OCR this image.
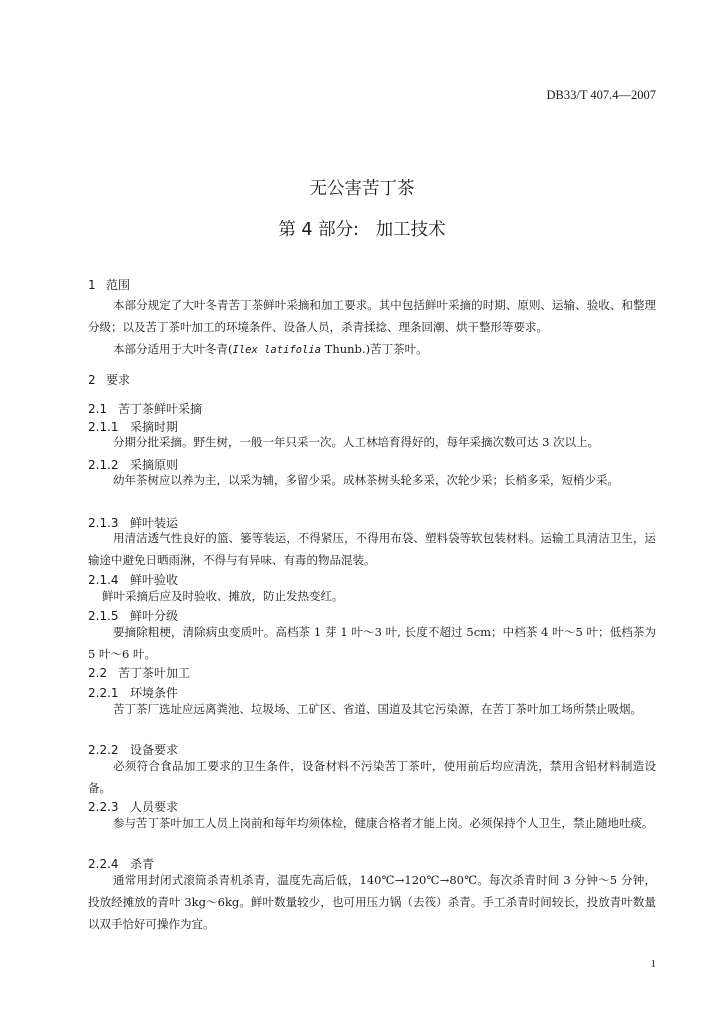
DB33/T 407.4—2007
无公害苦丁茶
第 4 部分:   加工技术
1 范围

本部分规定了大叶冬青苦丁茶鲜叶采摘和加工要求。其中包括鲜叶采摘的时期、原则、运输、验收、和整理分级；以及苦丁茶叶加工的环境条件、设备人员，杀青揉捻、理条回潮、烘干整形等要求。

本部分适用于大叶冬青(Ilex latifolia Thunb.)苦丁茶叶。

2 要求
2.1 苦丁茶鲜叶采摘
2.1.1 采摘时期

分期分批采摘。野生树，一般一年只采一次。人工林培育得好的，每年采摘次数可达 3 次以上。

2.1.2 采摘原则

幼年茶树应以养为主，以采为辅，多留少采。成林茶树头轮多采，次轮少采；长梢多采，短梢少采。

2.1.3 鲜叶装运

用清洁透气性良好的篮、篓等装运，不得紧压，不得用布袋、塑料袋等软包装材料。运输工具清洁卫生，运输途中避免日晒雨淋，不得与有异味、有毒的物品混装。

2.1.4 鲜叶验收

鲜叶采摘后应及时验收、摊放，防止发热变红。

2.1.5 鲜叶分级

要摘除粗梗，清除病虫变质叶。高档茶 1 芽 1 叶～3 叶, 长度不超过 5cm；中档茶 4 叶～5 叶；低档茶为 5 叶～6 叶。

2.2 苦丁茶叶加工
2.2.1 环境条件

苦丁茶厂选址应远离粪池、垃圾场、工矿区、省道、国道及其它污染源，在苦丁茶叶加工场所禁止吸烟。

2.2.2 设备要求

必须符合食品加工要求的卫生条件，设备材料不污染苦丁茶叶，使用前后均应清洗，禁用含铅材料制造设备。

2.2.3 人员要求

参与苦丁茶叶加工人员上岗前和每年均须体检，健康合格者才能上岗。必须保持个人卫生，禁止随地吐痰。

2.2.4 杀青

通常用封闭式滚筒杀青机杀青，温度先高后低，140℃→120℃→80℃。每次杀青时间 3 分钟～5 分钟，投放经摊放的青叶 3kg～6kg。鲜叶数量较少，也可用压力锅（去筏）杀青。手工杀青时间较长，投放青叶数量以双手恰好可操作为宜。

1
